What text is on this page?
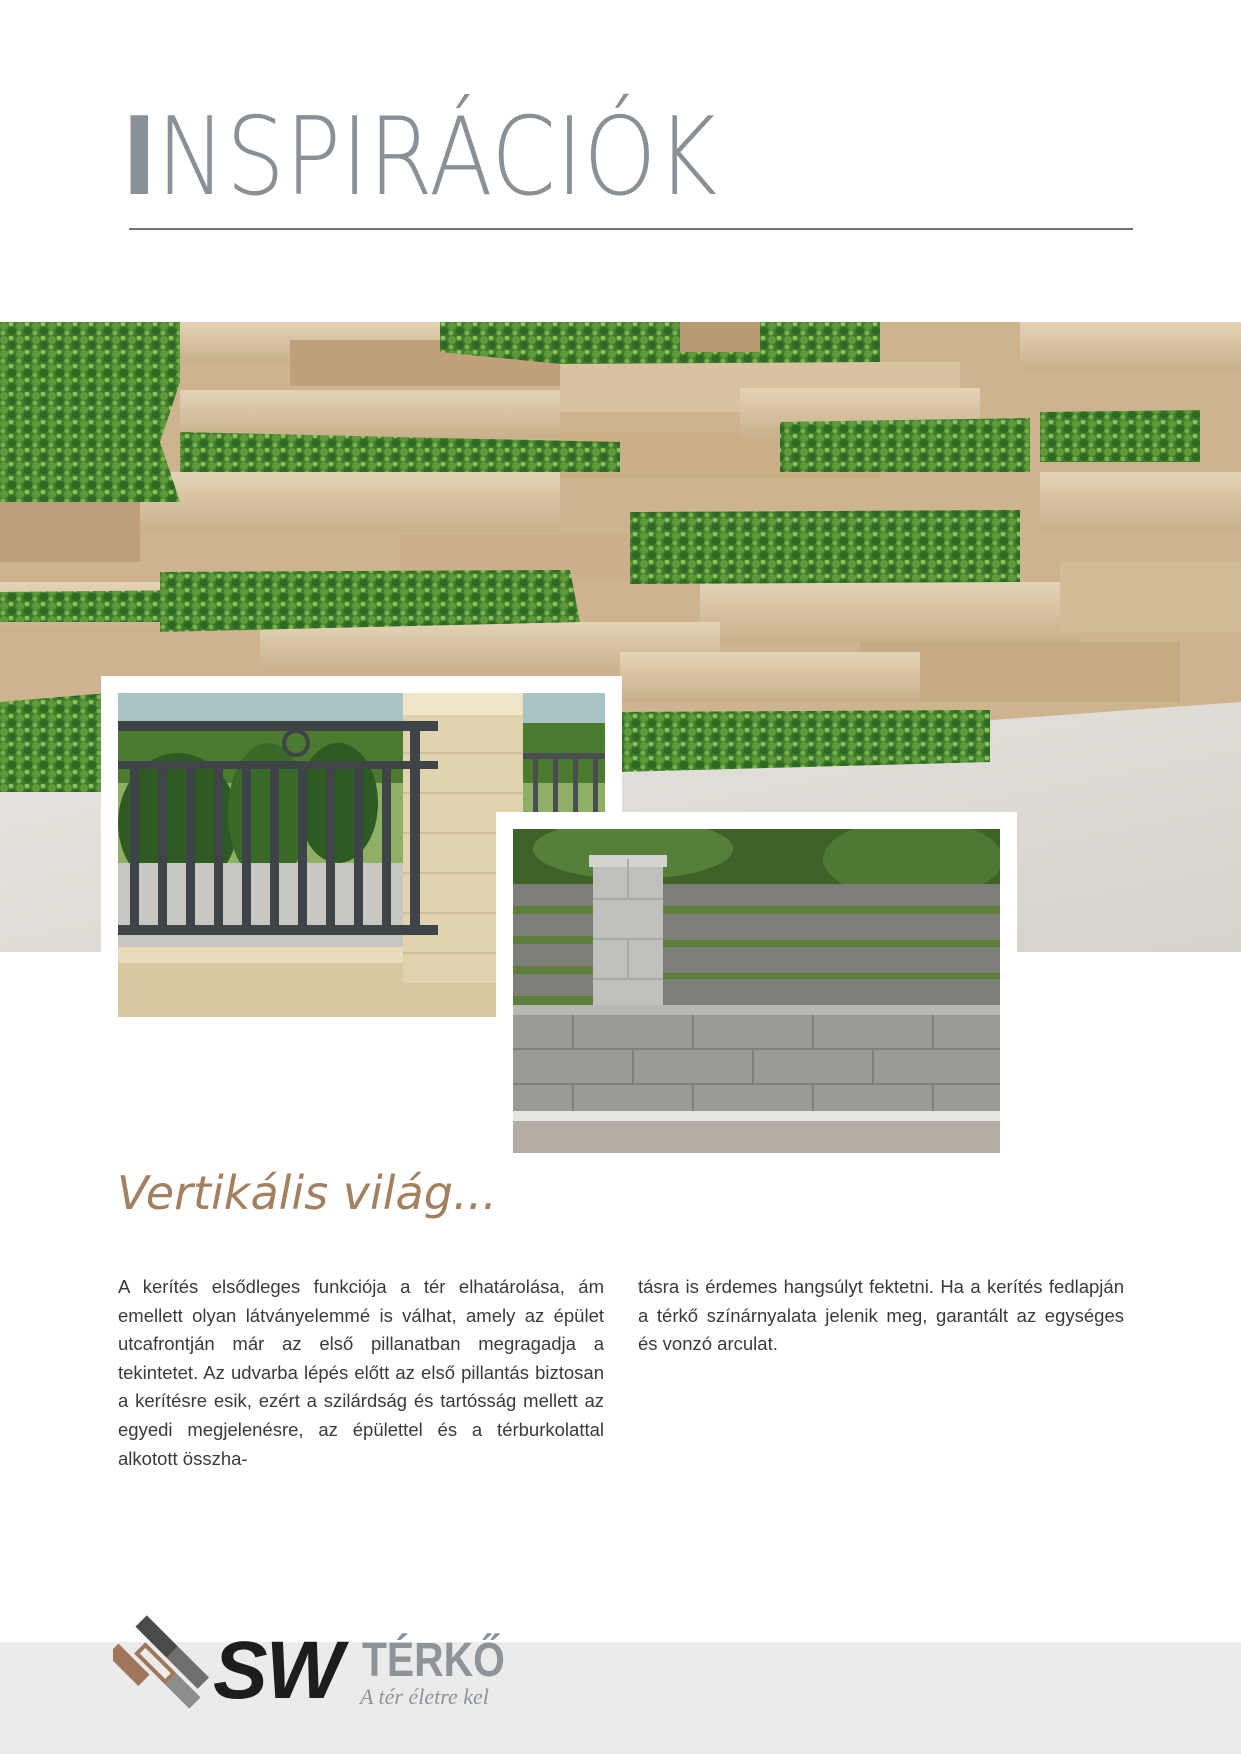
INSPIRÁCIÓK
Vertikális világ...
A kerítés elsődleges funkciója a tér elhatárolása, ám emellett olyan látványelemmé is válhat, amely az épület utcafrontján már az első pillanatban megragadja a tekintetet. Az udvarba lépés előtt az első pillantás biztosan a kerítésre esik, ezért a szilárdság és tartósság mellett az egyedi megjelenésre, az épülettel és a térburkolattal alkotott összha-
tásra is érdemes hangsúlyt fektetni. Ha a kerítés fedlapján a térkő színárnyalata jelenik meg, garantált az egységes és vonzó arculat.
SW TÉRKŐ
A tér életre kel
